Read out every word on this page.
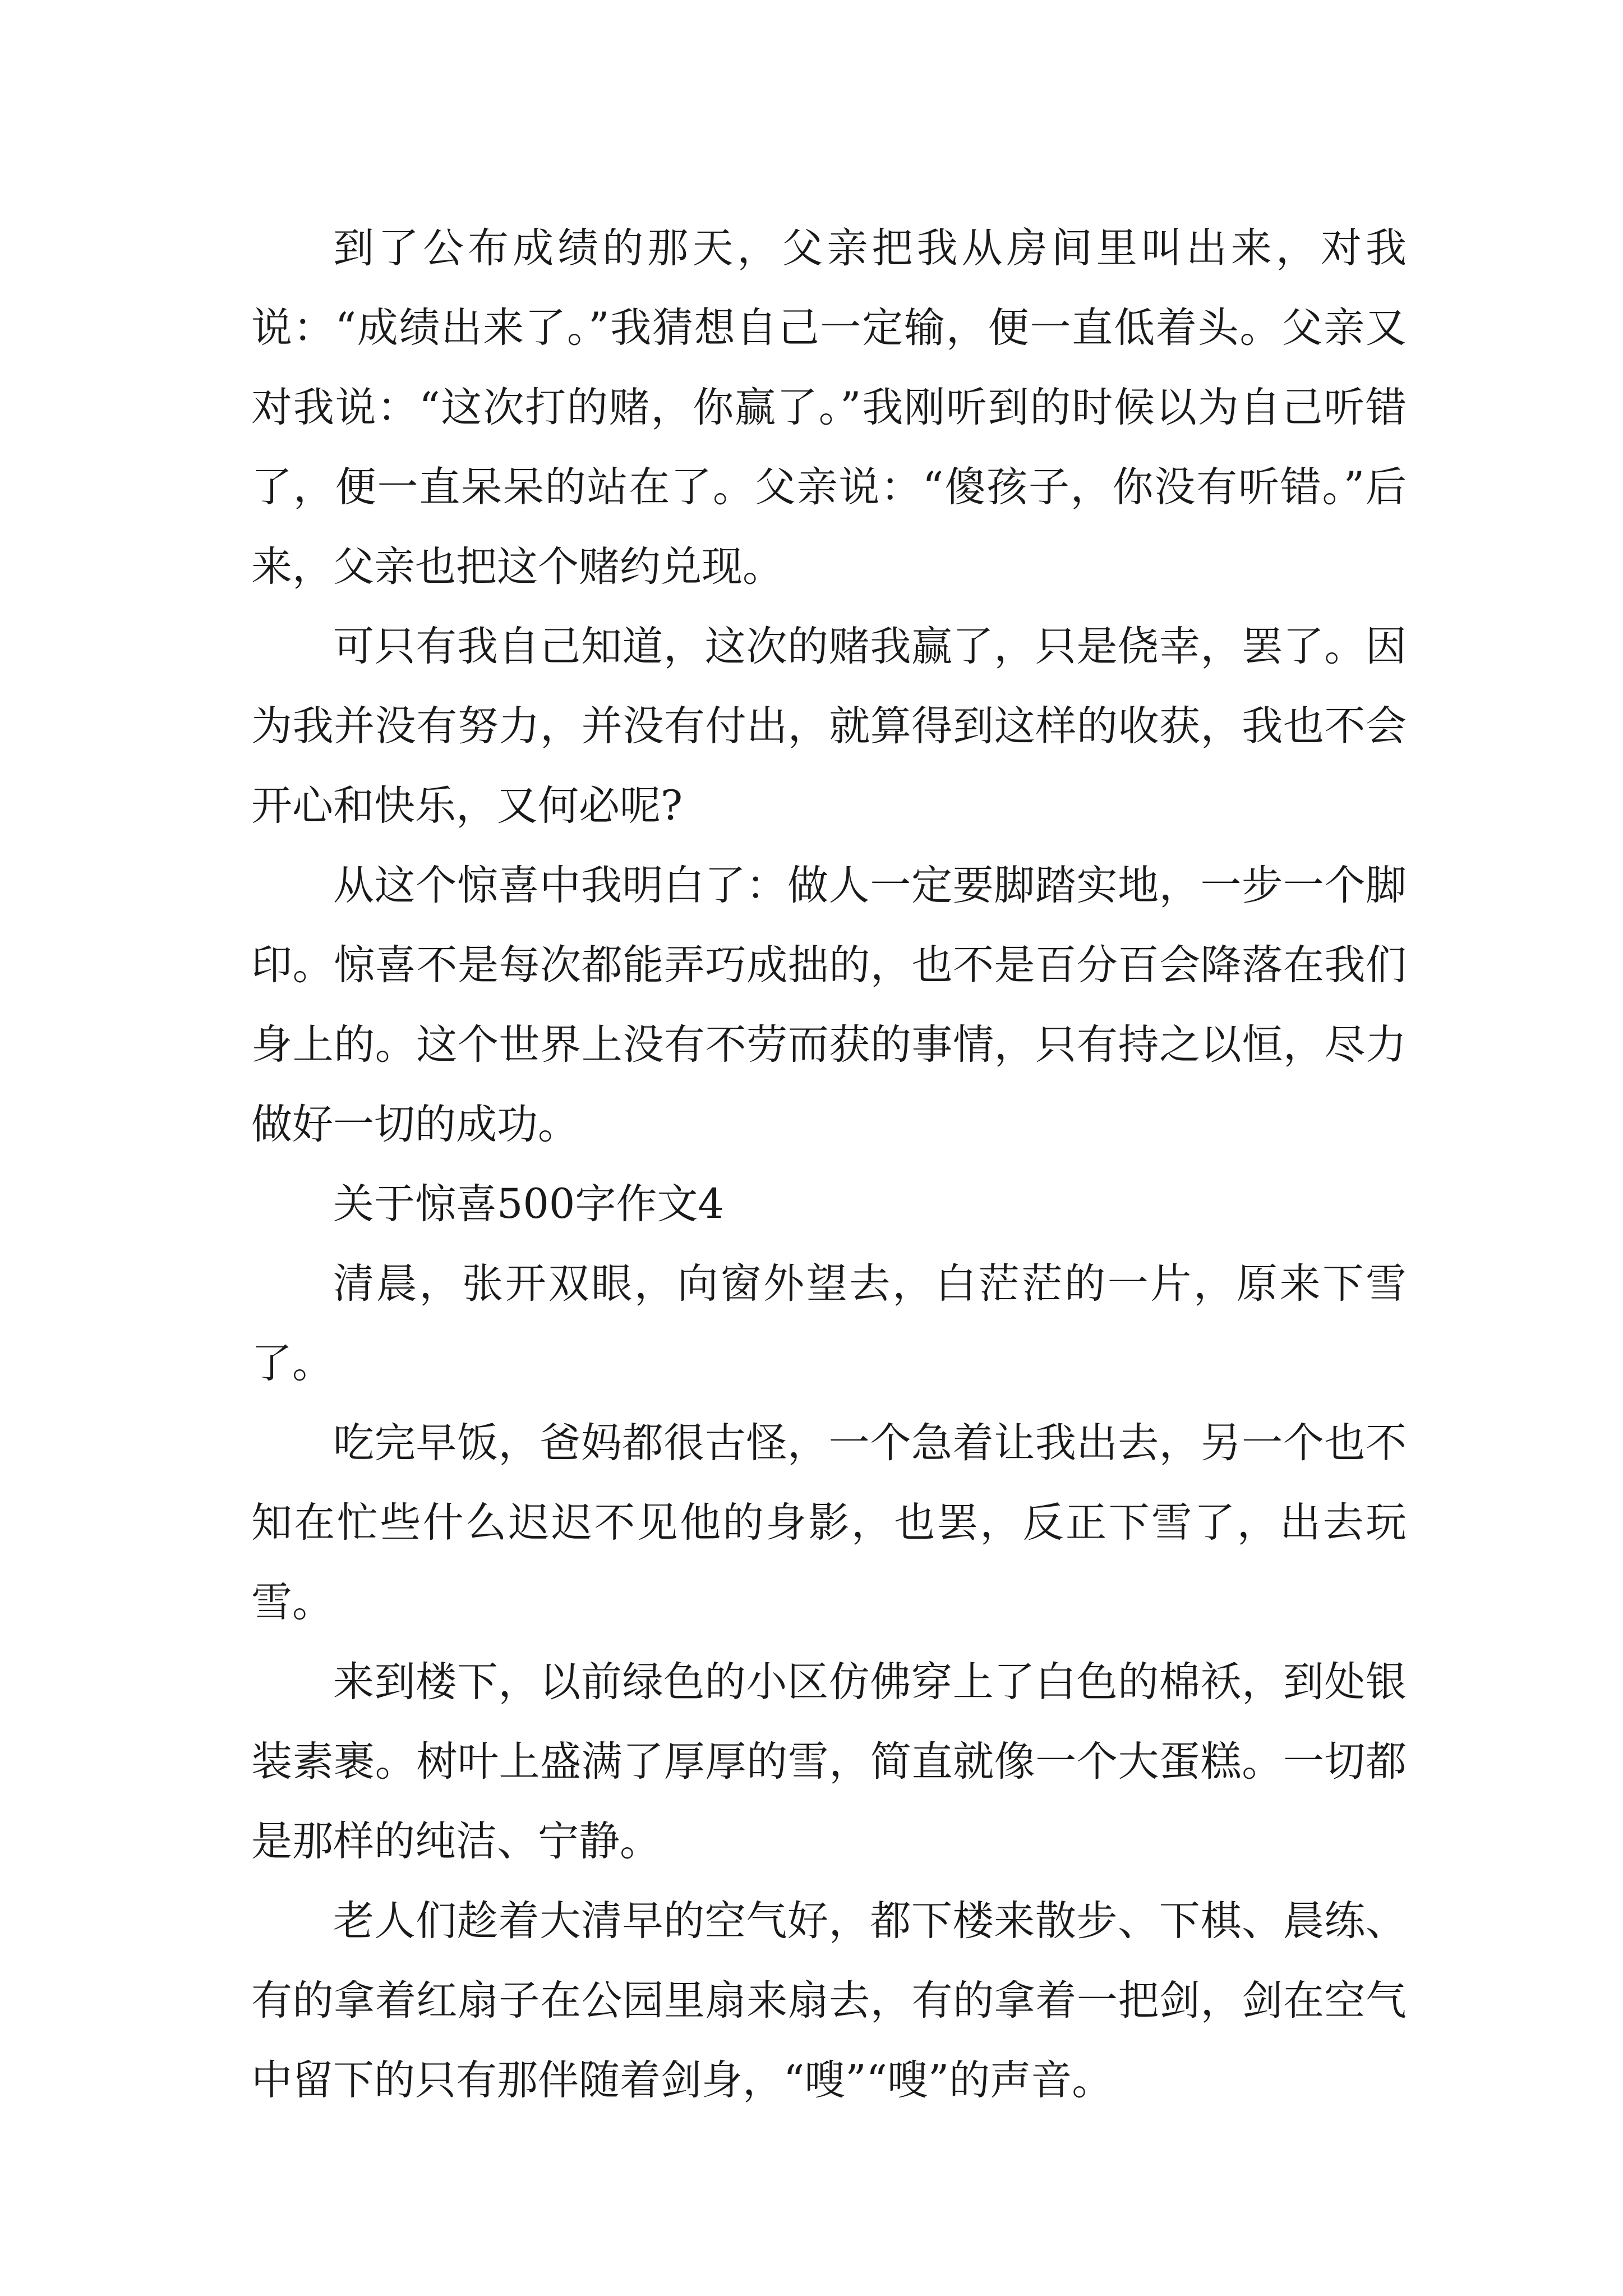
到了公布成绩的那天，父亲把我从房间里叫出来，对我说：“成绩出来了。”我猜想自己一定输，便一直低着头。父亲又对我说：“这次打的赌，你赢了。”我刚听到的时候以为自己听错了，便一直呆呆的站在了。父亲说：“傻孩子，你没有听错。”后来，父亲也把这个赌约兑现。

可只有我自己知道，这次的赌我赢了，只是侥幸，罢了。因为我并没有努力，并没有付出，就算得到这样的收获，我也不会开心和快乐，又何必呢?

从这个惊喜中我明白了：做人一定要脚踏实地，一步一个脚印。惊喜不是每次都能弄巧成拙的，也不是百分百会降落在我们身上的。这个世界上没有不劳而获的事情，只有持之以恒，尽力做好一切的成功。

关于惊喜500字作文4

清晨，张开双眼，向窗外望去，白茫茫的一片，原来下雪了。

吃完早饭，爸妈都很古怪，一个急着让我出去，另一个也不知在忙些什么迟迟不见他的身影，也罢，反正下雪了，出去玩雪。

来到楼下，以前绿色的小区仿佛穿上了白色的棉袄，到处银装素裹。树叶上盛满了厚厚的雪，简直就像一个大蛋糕。一切都是那样的纯洁、宁静。

老人们趁着大清早的空气好，都下楼来散步、下棋、晨练、有的拿着红扇子在公园里扇来扇去，有的拿着一把剑，剑在空气中留下的只有那伴随着剑身，“嗖”“嗖”的声音。
